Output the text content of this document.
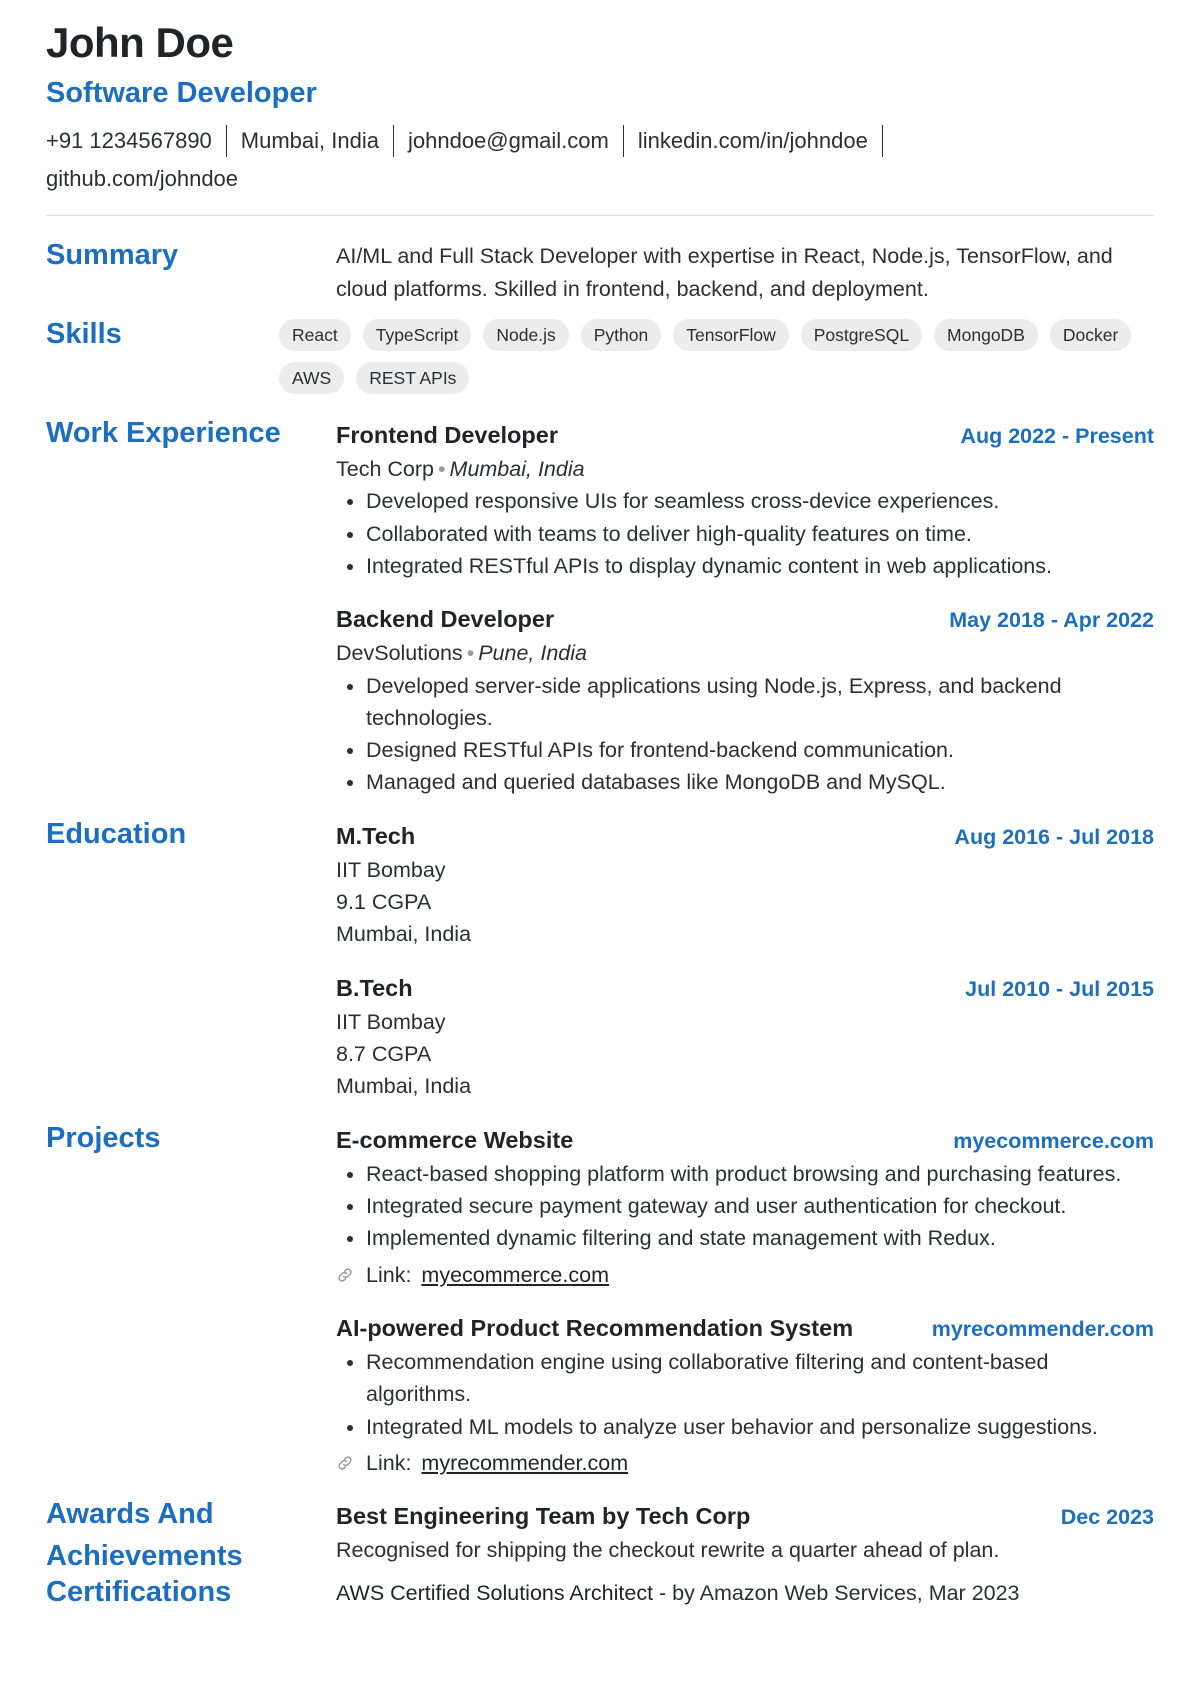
John Doe
Software Developer
+91 1234567890	Mumbai, India	johndoe@gmail.com	linkedin.com/in/johndoe
github.com/johndoe
Summary	AI/ML and Full Stack Developer with expertise in React, Node.js, TensorFlow, and cloud platforms. Skilled in frontend, backend, and deployment.
Skills	React	TypeScript	Node.js	Python	TensorFlow	PostgreSQL	MongoDB	Docker
AWS	REST APIs
Work Experience	Frontend Developer	Aug 2022 - Present
Tech Corp • Mumbai, India
• Developed responsive UIs for seamless cross-device experiences.
• Collaborated with teams to deliver high-quality features on time.
• Integrated RESTful APIs to display dynamic content in web applications.
Backend Developer	May 2018 - Apr 2022
DevSolutions • Pune, India
• Developed server-side applications using Node.js, Express, and backend technologies.
• Designed RESTful APIs for frontend-backend communication.
• Managed and queried databases like MongoDB and MySQL.
Education	M.Tech	Aug 2016 - Jul 2018
IIT Bombay
9.1 CGPA
Mumbai, India
B.Tech	Jul 2010 - Jul 2015
IIT Bombay
8.7 CGPA
Mumbai, India
Projects	E-commerce Website	myecommerce.com
• React-based shopping platform with product browsing and purchasing features.
• Integrated secure payment gateway and user authentication for checkout.
• Implemented dynamic filtering and state management with Redux.
Link: myecommerce.com
AI-powered Product Recommendation System	myrecommender.com
• Recommendation engine using collaborative filtering and content-based algorithms.
• Integrated ML models to analyze user behavior and personalize suggestions.
Link: myrecommender.com
Awards And Achievements
Best Engineering Team by Tech Corp	Dec 2023
Recognised for shipping the checkout rewrite a quarter ahead of plan.
Certifications	AWS Certified Solutions Architect - by Amazon Web Services, Mar 2023
